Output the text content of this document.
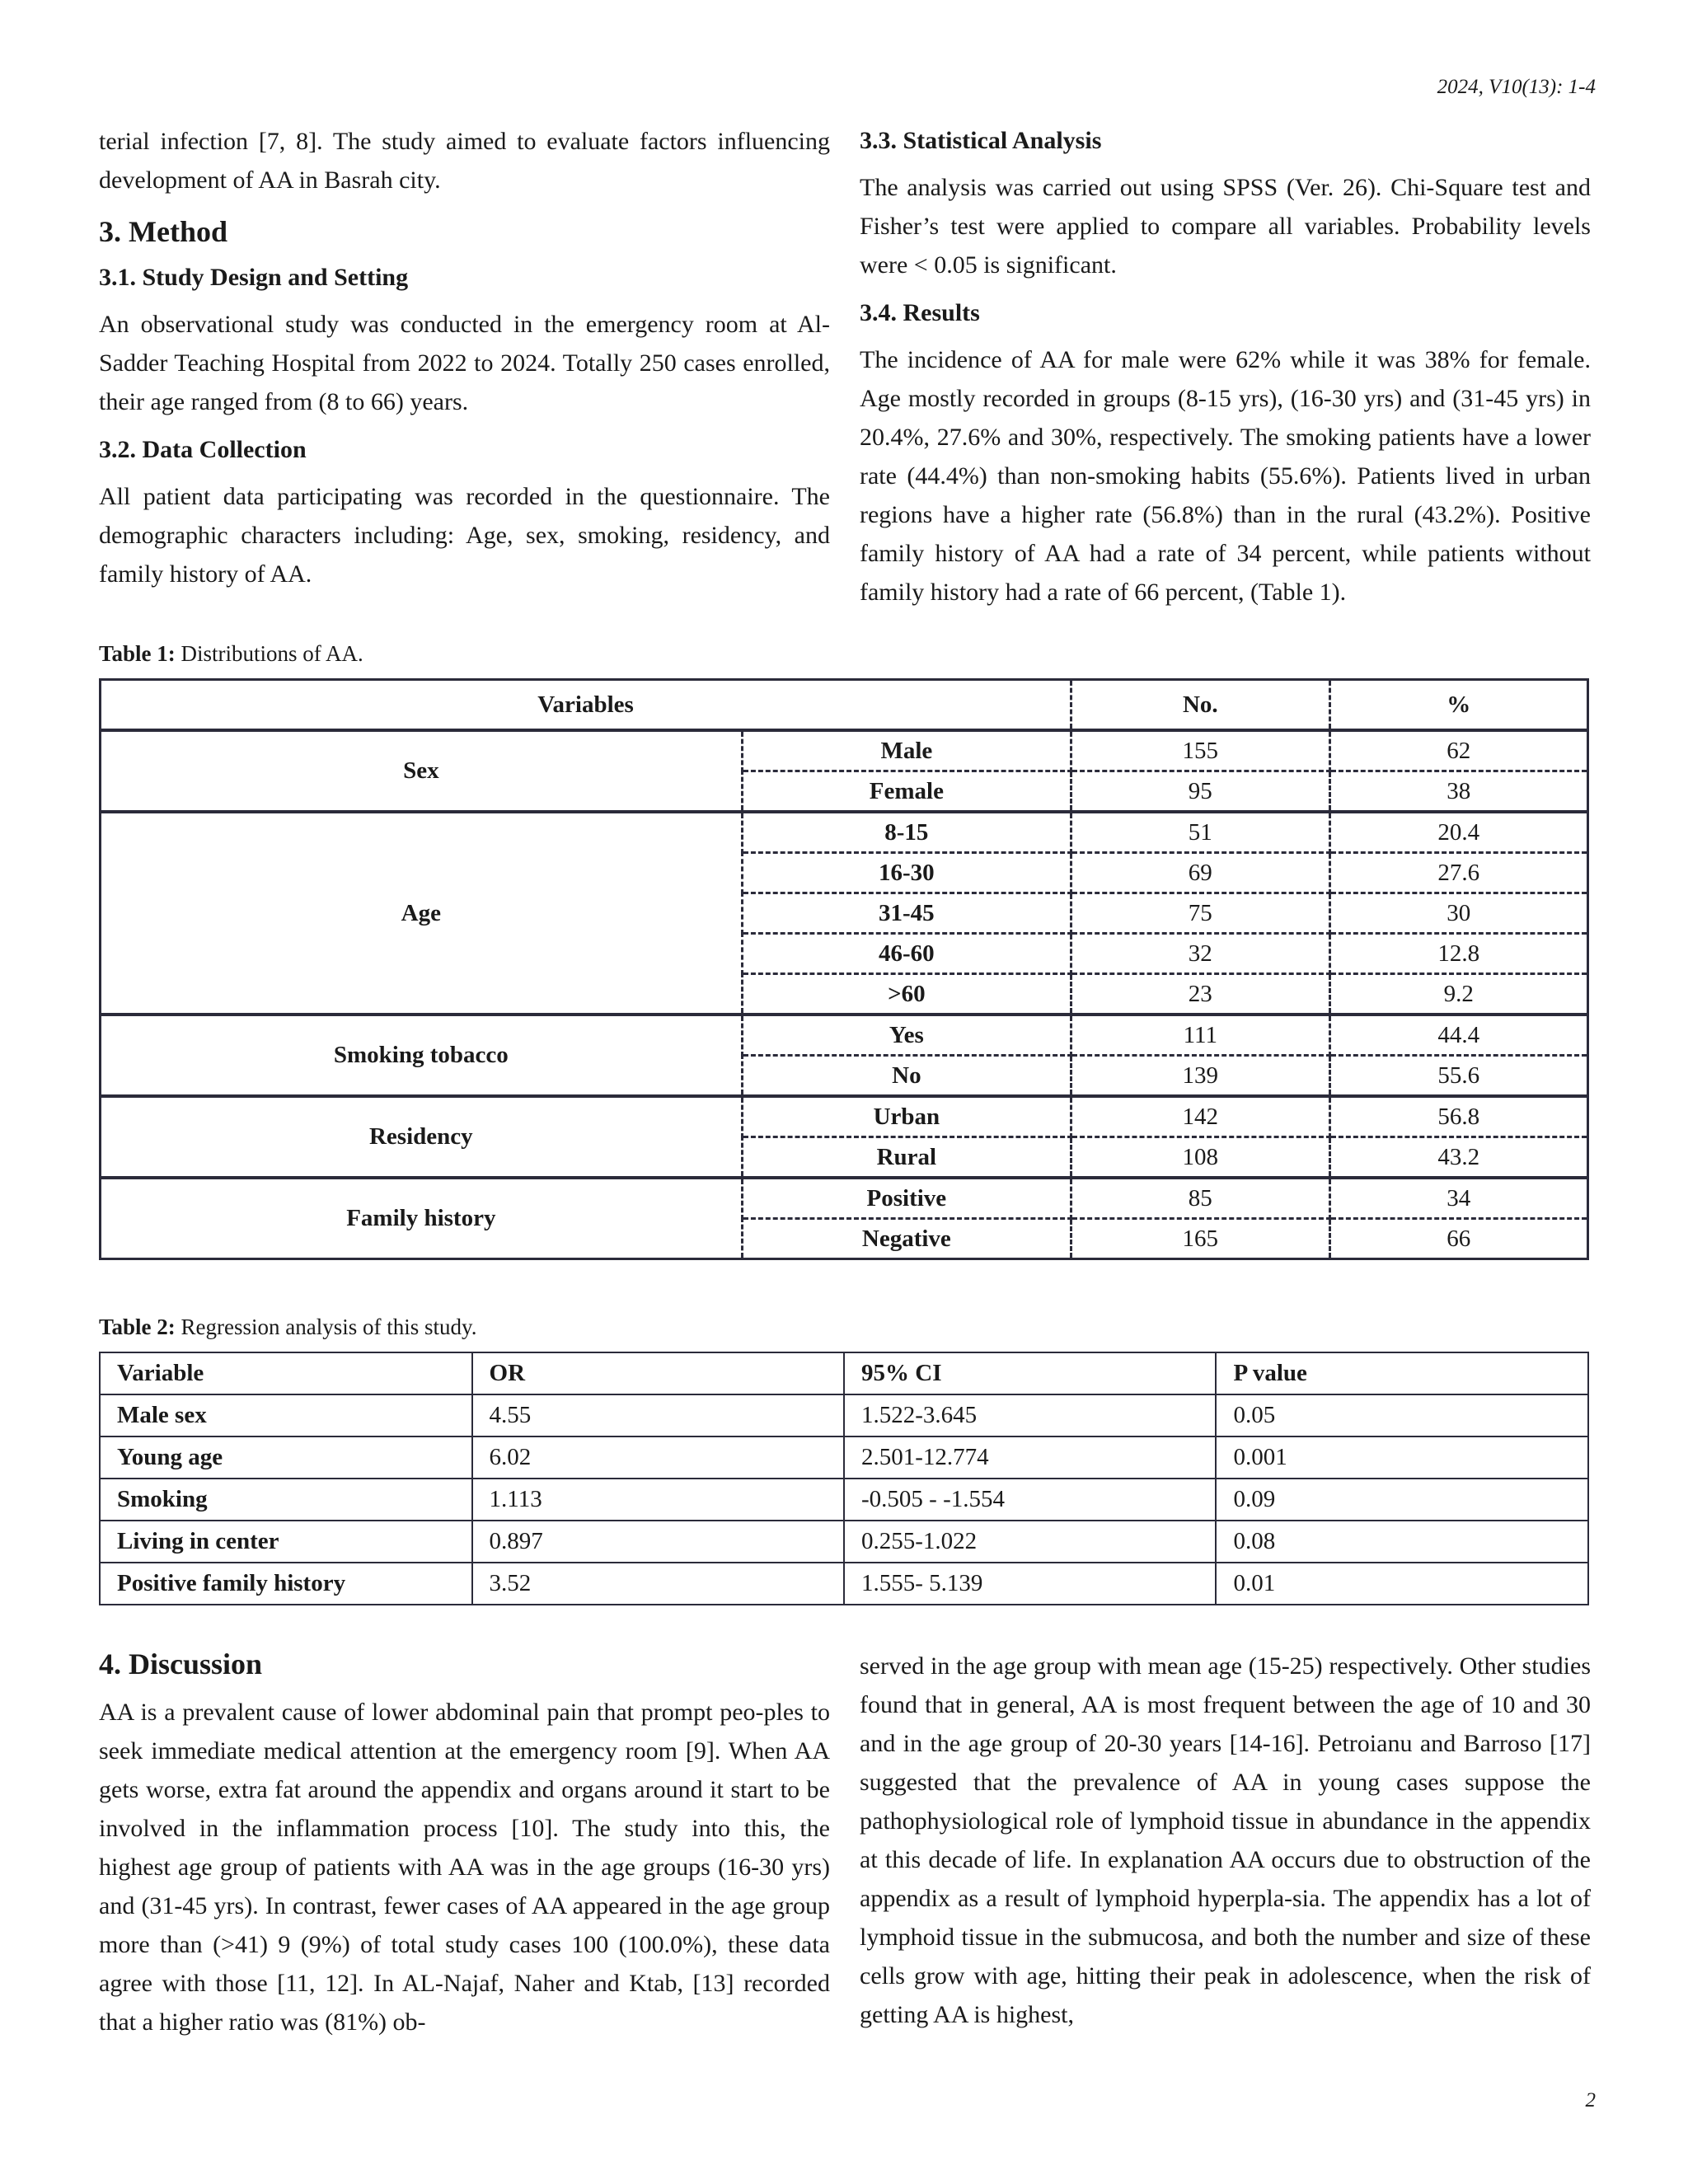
2024, V10(13): 1-4

terial infection [7, 8]. The study aimed to evaluate factors influencing development of AA in Basrah city.

3. Method
3.1. Study Design and Setting

An observational study was conducted in the emergency room at Al-Sadder Teaching Hospital from 2022 to 2024. Totally 250 cases enrolled, their age ranged from (8 to 66) years.

3.2. Data Collection

All patient data participating was recorded in the questionnaire. The demographic characters including: Age, sex, smoking, residency, and family history of AA.

3.3. Statistical Analysis

The analysis was carried out using SPSS (Ver. 26). Chi-Square test and Fisher’s test were applied to compare all variables. Probability levels were < 0.05 is significant.

3.4. Results

The incidence of AA for male were 62% while it was 38% for female. Age mostly recorded in groups (8-15 yrs), (16-30 yrs) and (31-45 yrs) in 20.4%, 27.6% and 30%, respectively. The smoking patients have a lower rate (44.4%) than non-smoking habits (55.6%). Patients lived in urban regions have a higher rate (56.8%) than in the rural (43.2%). Positive family history of AA had a rate of 34 percent, while patients without family history had a rate of 66 percent, (Table 1).

Table 1: Distributions of AA.
Variables		No.	%
Sex	Male	155	62
	Female	95	38
Age	8-15	51	20.4
	16-30	69	27.6
	31-45	75	30
	46-60	32	12.8
	>60	23	9.2
Smoking tobacco	Yes	111	44.4
	No	139	55.6
Residency	Urban	142	56.8
	Rural	108	43.2
Family history	Positive	85	34
	Negative	165	66
Table 2: Regression analysis of this study.
Variable	OR	95% CI	P value
Male sex	4.55	1.522-3.645	0.05
Young age	6.02	2.501-12.774	0.001
Smoking	1.113	-0.505 - -1.554	0.09
Living in center	0.897	0.255-1.022	0.08
Positive family history	3.52	1.555- 5.139	0.01
4. Discussion

AA is a prevalent cause of lower abdominal pain that prompt peo-ples to seek immediate medical attention at the emergency room [9]. When AA gets worse, extra fat around the appendix and organs around it start to be involved in the inflammation process [10]. The study into this, the highest age group of patients with AA was in the age groups (16-30 yrs) and (31-45 yrs). In contrast, fewer cases of AA appeared in the age group more than (>41) 9 (9%) of total study cases 100 (100.0%), these data agree with those [11, 12]. In AL-Najaf, Naher and Ktab, [13] recorded that a higher ratio was (81%) ob-

served in the age group with mean age (15-25) respectively. Other studies found that in general, AA is most frequent between the age of 10 and 30 and in the age group of 20-30 years [14-16]. Petroianu and Barroso [17] suggested that the prevalence of AA in young cases suppose the pathophysiological role of lymphoid tissue in abundance in the appendix at this decade of life. In explanation AA occurs due to obstruction of the appendix as a result of lymphoid hyperpla-sia. The appendix has a lot of lymphoid tissue in the submucosa, and both the number and size of these cells grow with age, hitting their peak in adolescence, when the risk of getting AA is highest,

2
